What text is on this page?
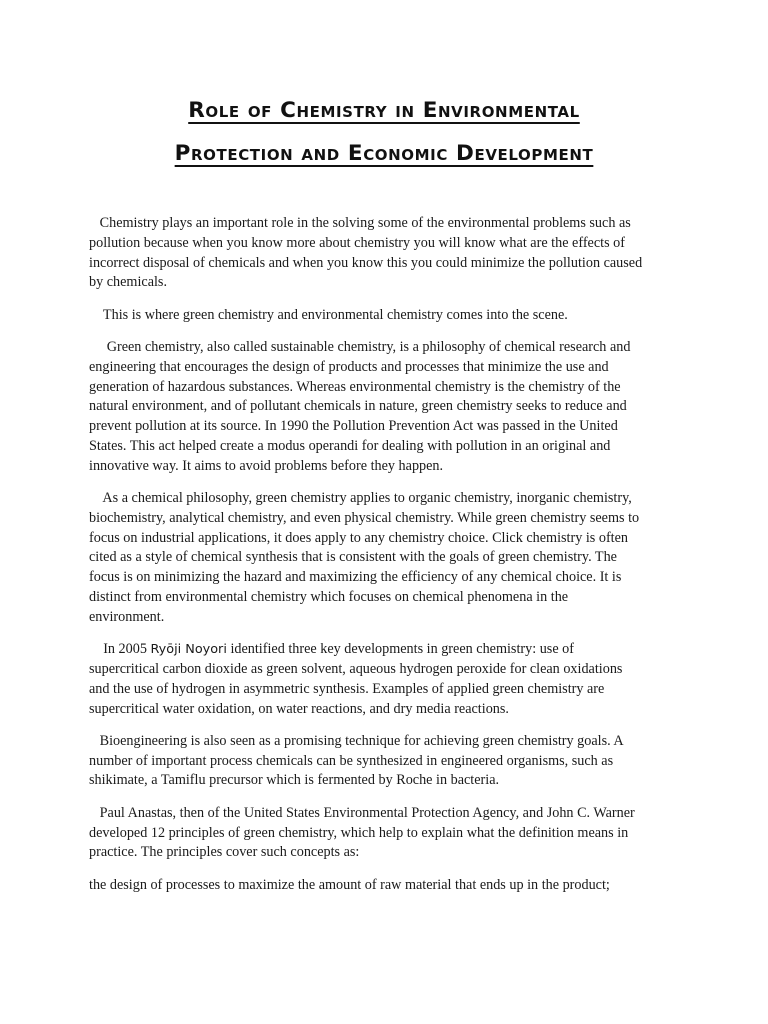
Role of Chemistry in Environmental
Protection and Economic Development

Chemistry plays an important role in the solving some of the environmental problems such as
pollution because when you know more about chemistry you will know what are the effects of
incorrect disposal of chemicals and when you know this you could minimize the pollution caused
by chemicals.

This is where green chemistry and environmental chemistry comes into the scene.

Green chemistry, also called sustainable chemistry, is a philosophy of chemical research and
engineering that encourages the design of products and processes that minimize the use and
generation of hazardous substances. Whereas environmental chemistry is the chemistry of the
natural environment, and of pollutant chemicals in nature, green chemistry seeks to reduce and
prevent pollution at its source. In 1990 the Pollution Prevention Act was passed in the United
States. This act helped create a modus operandi for dealing with pollution in an original and
innovative way. It aims to avoid problems before they happen.

As a chemical philosophy, green chemistry applies to organic chemistry, inorganic chemistry,
biochemistry, analytical chemistry, and even physical chemistry. While green chemistry seems to
focus on industrial applications, it does apply to any chemistry choice. Click chemistry is often
cited as a style of chemical synthesis that is consistent with the goals of green chemistry. The
focus is on minimizing the hazard and maximizing the efficiency of any chemical choice. It is
distinct from environmental chemistry which focuses on chemical phenomena in the
environment.

In 2005 Ryōji Noyori identified three key developments in green chemistry: use of
supercritical carbon dioxide as green solvent, aqueous hydrogen peroxide for clean oxidations
and the use of hydrogen in asymmetric synthesis. Examples of applied green chemistry are
supercritical water oxidation, on water reactions, and dry media reactions.

Bioengineering is also seen as a promising technique for achieving green chemistry goals. A
number of important process chemicals can be synthesized in engineered organisms, such as
shikimate, a Tamiflu precursor which is fermented by Roche in bacteria.

Paul Anastas, then of the United States Environmental Protection Agency, and John C. Warner
developed 12 principles of green chemistry, which help to explain what the definition means in
practice. The principles cover such concepts as:

the design of processes to maximize the amount of raw material that ends up in the product;
